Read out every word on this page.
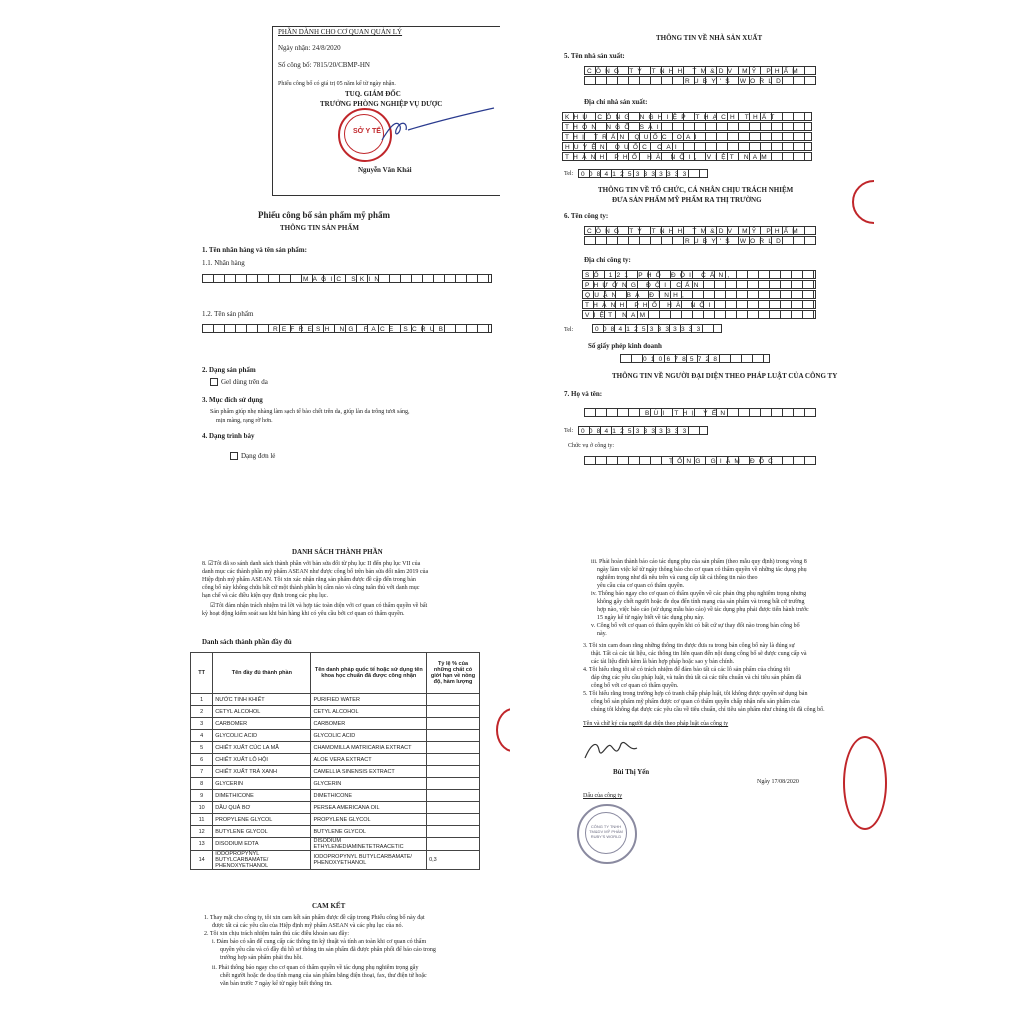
PHẦN DÀNH CHO CƠ QUAN QUẢN LÝ
Ngày nhận: 24/8/2020
Số công bố: 7815/20/CBMP-HN
Phiếu công bố có giá trị 05 năm kể từ ngày nhận.
TUQ. GIÁM ĐỐC
TRƯỞNG PHÒNG NGHIỆP VỤ DƯỢC
SỞ Y TẾ
Nguyễn Văn Khải
Phiếu công bố sản phẩm mỹ phẩm
THÔNG TIN SẢN PHẨM
1. Tên nhãn hàng và tên sản phẩm:
1.1. Nhãn hàng
MAGIC SKIN
1.2. Tên sản phẩm
REFRESHING FACE SCRUB
2. Dạng sản phẩm
Gel dùng trên da
3. Mục đích sử dụng
Sản phẩm giúp nhẹ nhàng làm sạch tế bào chết trên da, giúp làn da trông tươi sáng,
mịn màng, rạng rỡ hơn.
4. Dạng trình bày
Dạng đơn lẻ
THÔNG TIN VỀ NHÀ SẢN XUẤT
5. Tên nhà sản xuất:
CÔNG TY TNHH TM&DV MỸ PHẨM
RUBY'S WORLD
Địa chỉ nhà sản xuất:
KHU CÔNG NGHIỆP THẠCH THẤT
THÔN NGÕ SÀI
THỊ TRẤN QUỐC OAI
HUYỆN QUỐC OAI
THÀNH PHỐ HÀ NỘI, VIỆT NAM
Tel:	00841253333333
THÔNG TIN VỀ TỔ CHỨC, CÁ NHÂN CHỊU TRÁCH NHIỆM
ĐƯA SẢN PHẨM MỸ PHẨM RA THỊ TRƯỜNG
6. Tên công ty:
CÔNG TY TNHH TM&DV MỸ PHẨM
RUBY'S WORLD
Địa chỉ công ty:
SỐ 121 PHỐ ĐỘI CẤN,
PHƯỜNG ĐỘI CẤN,
QUẬN BA ĐÌNH,
THÀNH PHỐ HÀ NỘI
VIỆT NAM
Tel:	00841253333333
Số giấy phép kinh doanh
0106785728
THÔNG TIN VỀ NGƯỜI ĐẠI DIỆN THEO PHÁP LUẬT CỦA CÔNG TY
7. Họ và tên:
BÙI THỊ YẾN
Tel:	00841253333333
Chức vụ ở công ty:
TỔNG GIÁM ĐỐC
DANH SÁCH THÀNH PHẦN
8. ☑Tôi đã so sánh danh sách thành phần với bản sửa đổi từ phụ lục II đến phụ lục VII của
danh mục các thành phần mỹ phẩm ASEAN như được công bố trên bản sửa đổi năm 2019 của
Hiệp định mỹ phẩm ASEAN. Tôi xin xác nhận rằng sản phẩm được đề cập đến trong bản
công bố này không chứa bất cứ một thành phần bị cấm nào và cũng tuân thủ với danh mục
hạn chế và các điều kiện quy định trong các phụ lục.
☑Tôi đảm nhận trách nhiệm trả lời và hợp tác toàn diện với cơ quan có thẩm quyền về bất
kỳ hoạt động kiểm soát sau khi bán hàng khi có yêu cầu bởi cơ quan có thẩm quyền.
Danh sách thành phần đầy đủ
TT	Tên đầy đủ thành phần	Tên danh pháp quốc tế hoặc sử dụng tên khoa học chuẩn đã được công nhận	Tỷ lệ % của những chất có giới hạn về nồng độ, hàm lượng
1	NƯỚC TINH KHIẾT	PURIFIED WATER	
2	CETYL ALCOHOL	CETYL ALCOHOL	
3	CARBOMER	CARBOMER	
4	GLYCOLIC ACID	GLYCOLIC ACID	
5	CHIẾT XUẤT CÚC LA MÃ	CHAMOMILLA MATRICARIA EXTRACT	
6	CHIẾT XUẤT LÔ HỘI	ALOE VERA EXTRACT	
7	CHIẾT XUẤT TRÀ XANH	CAMELLIA SINENSIS EXTRACT	
8	GLYCERIN	GLYCERIN	
9	DIMETHICONE	DIMETHICONE	
10	DẦU QUẢ BƠ	PERSEA AMERICANA OIL	
11	PROPYLENE GLYCOL	PROPYLENE GLYCOL	
12	BUTYLENE GLYCOL	BUTYLENE GLYCOL	
13	DISODIUM EDTA	DISODIUM ETHYLENEDIAMINETETRAACETIC	
14	IODOPROPYNYL BUTYLCARBAMATE/ PHENOXYETHANOL	IODOPROPYNYL BUTYLCARBAMATE/ PHENOXYETHANOL	0,3
CAM KẾT
1. Thay mặt cho công ty, tôi xin cam kết sản phẩm được đề cập trong Phiếu công bố này đạt
được tất cả các yêu cầu của Hiệp định mỹ phẩm ASEAN và các phụ lục của nó.
2. Tôi xin chịu trách nhiệm tuân thủ các điều khoản sau đây:
i. Đảm bảo có sẵn để cung cấp các thông tin kỹ thuật và tính an toàn khi cơ quan có thẩm
quyền yêu cầu và có đầy đủ hồ sơ thông tin sản phẩm đã được phân phối để báo cáo trong
trường hợp sản phẩm phải thu hồi.
ii. Phải thông báo ngay cho cơ quan có thẩm quyền về tác dụng phụ nghiêm trọng gây
chết người hoặc đe doạ tính mạng của sản phẩm bằng điện thoại, fax, thư điện tử hoặc
văn bản trước 7 ngày kể từ ngày biết thông tin.
iii. Phải hoàn thành báo cáo tác dụng phụ của sản phẩm (theo mẫu quy định) trong vòng 8
ngày làm việc kể từ ngày thông báo cho cơ quan có thẩm quyền về những tác dụng phụ
nghiêm trọng như đã nêu trên và cung cấp tất cả thông tin nào theo
yêu cầu của cơ quan có thẩm quyền.
iv. Thông báo ngay cho cơ quan có thẩm quyền về các phản ứng phụ nghiêm trọng nhưng
không gây chết người hoặc đe dọa đến tính mạng của sản phẩm và trong bất cứ trường
hợp nào, việc báo cáo (sử dụng mẫu báo cáo) về tác dụng phụ phải được tiến hành trước
15 ngày kể từ ngày biết về tác dụng phụ này.
v. Công bố với cơ quan có thẩm quyền khi có bất cứ sự thay đổi nào trong bản công bố
này.
3. Tôi xin cam đoan rằng những thông tin được đưa ra trong bản công bố này là đúng sự
thật. Tất cả các tài liệu, các thông tin liên quan đến nội dung công bố sẽ được cung cấp và
các tài liệu đính kèm là bản hợp pháp hoặc sao y bản chính.
4. Tôi hiểu rằng tôi sẽ có trách nhiệm để đảm bảo tất cả các lô sản phẩm của chúng tôi
đáp ứng các yêu cầu pháp luật, và tuân thủ tất cả các tiêu chuẩn và chỉ tiêu sản phẩm đã
công bố với cơ quan có thẩm quyền.
5. Tôi hiểu rằng trong trường hợp có tranh chấp pháp luật, tôi không được quyền sử dụng bản
công bố sản phẩm mỹ phẩm được cơ quan có thẩm quyền chấp nhận nếu sản phẩm của
chúng tôi không đạt được các yêu cầu về tiêu chuẩn, chỉ tiêu sản phẩm như chúng tôi đã công bố.
Tên và chữ ký của người đại diện theo pháp luật của công ty
Bùi Thị Yến
Ngày 17/08/2020
Dấu của công ty
CÔNG TY TNHH TM&DV MỸ PHẨM RUBY'S WORLD
